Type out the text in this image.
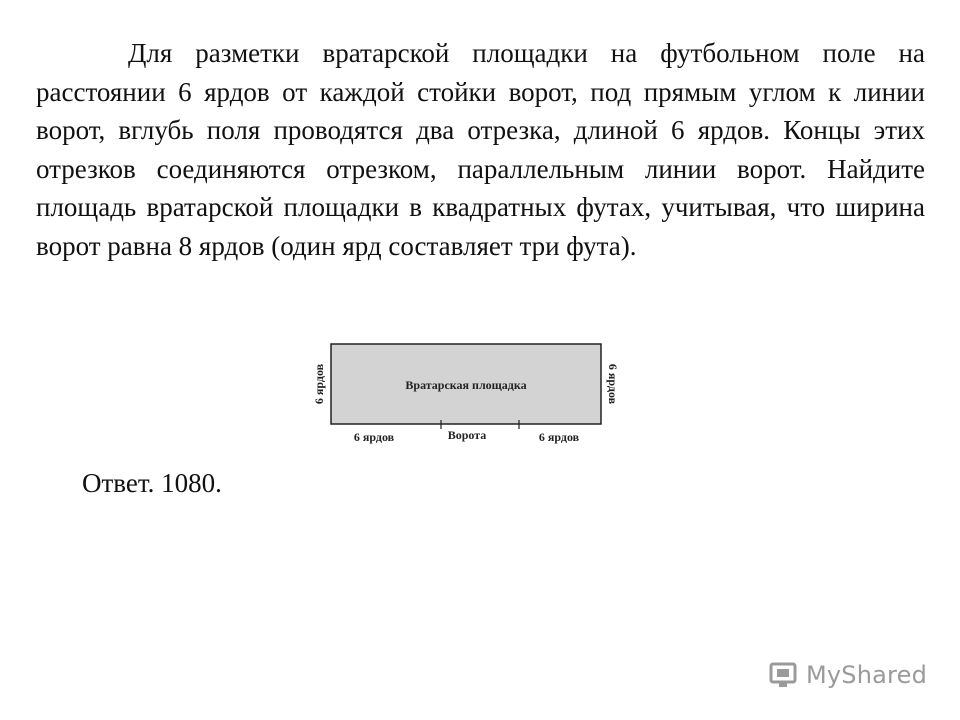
Для разметки вратарской площадки на футбольном поле на расстоянии 6 ярдов от каждой стойки ворот, под прямым углом к линии ворот, вглубь поля проводятся два отрезка, длиной 6 ярдов. Концы этих отрезков соединяются отрезком, параллельным линии ворот. Найдите площадь вратарской площадки в квадратных футах, учитывая, что ширина ворот равна 8 ярдов (один ярд составляет три фута).

Вратарская площадка
6 ярдов	6 ярдов
6 ярдов	Ворота	6 ярдов

Ответ. 1080.

MyShared
